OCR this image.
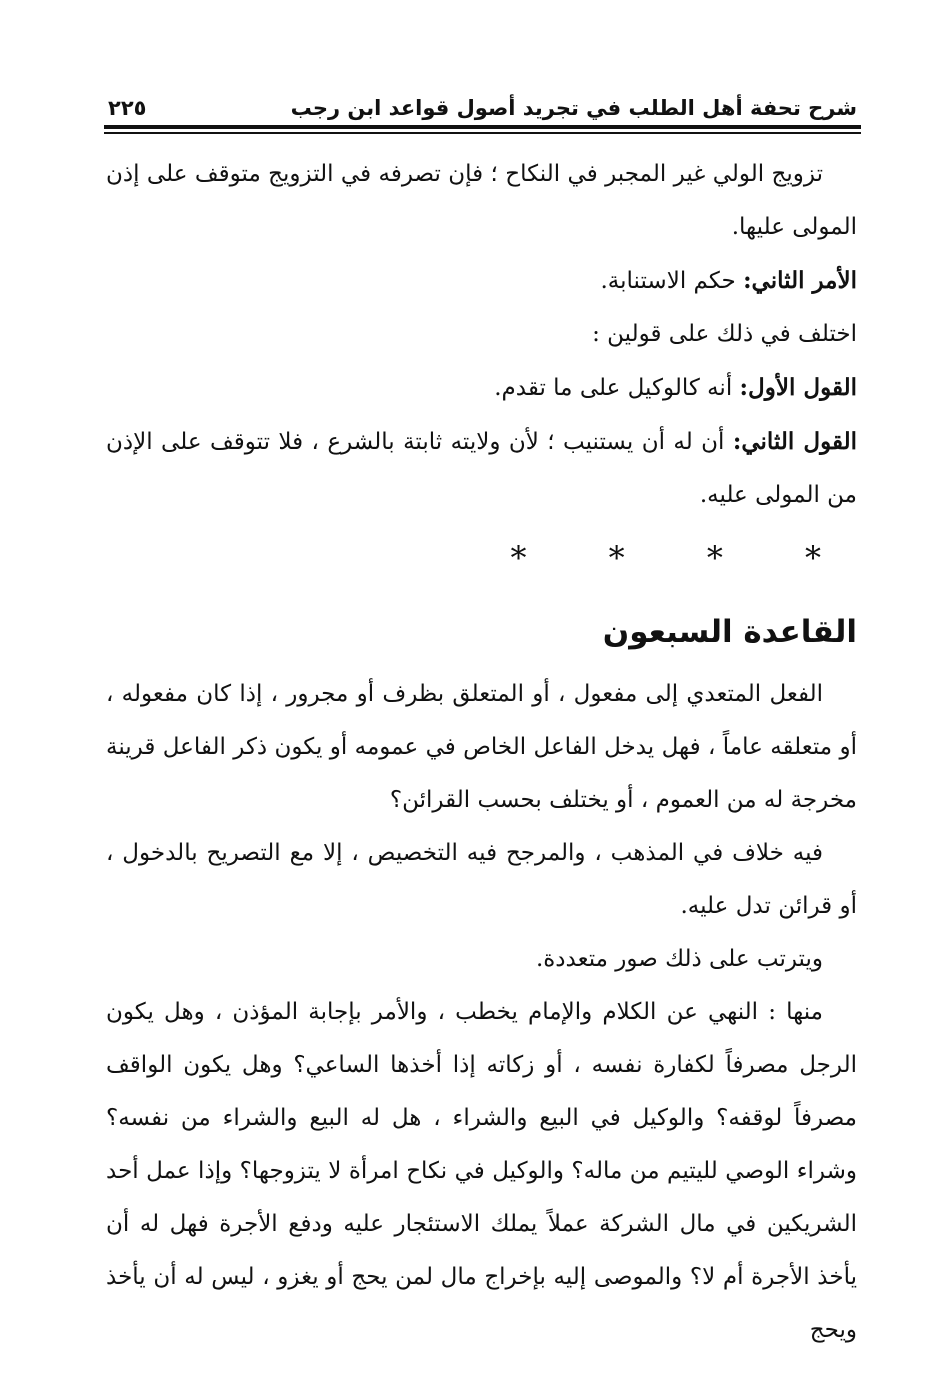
شرح تحفة أهل الطلب في تجريد أصول قواعد ابن رجب
٢٢٥

تزويج الولي غير المجبر في النكاح ؛ فإن تصرفه في التزويج متوقف على إذن المولى عليها.

الأمر الثاني: حكم الاستنابة.

اختلف في ذلك على قولين :

القول الأول: أنه كالوكيل على ما تقدم.

القول الثاني: أن له أن يستنيب ؛ لأن ولايته ثابتة بالشرع ، فلا تتوقف على الإذن من المولى عليه.

* * * *
القاعدة السبعون

الفعل المتعدي إلى مفعول ، أو المتعلق بظرف أو مجرور ، إذا كان مفعوله ، أو متعلقه عاماً ، فهل يدخل الفاعل الخاص في عمومه أو يكون ذكر الفاعل قرينة مخرجة له من العموم ، أو يختلف بحسب القرائن؟

فيه خلاف في المذهب ، والمرجح فيه التخصيص ، إلا مع التصريح بالدخول ، أو قرائن تدل عليه.

ويترتب على ذلك صور متعددة.

منها : النهي عن الكلام والإمام يخطب ، والأمر بإجابة المؤذن ، وهل يكون الرجل مصرفاً لكفارة نفسه ، أو زكاته إذا أخذها الساعي؟ وهل يكون الواقف مصرفاً لوقفه؟ والوكيل في البيع والشراء ، هل له البيع والشراء من نفسه؟ وشراء الوصي لليتيم من ماله؟ والوكيل في نكاح امرأة لا يتزوجها؟ وإذا عمل أحد الشريكين في مال الشركة عملاً يملك الاستئجار عليه ودفع الأجرة فهل له أن يأخذ الأجرة أم لا؟ والموصى إليه بإخراج مال لمن يحج أو يغزو ، ليس له أن يأخذ ويحج
